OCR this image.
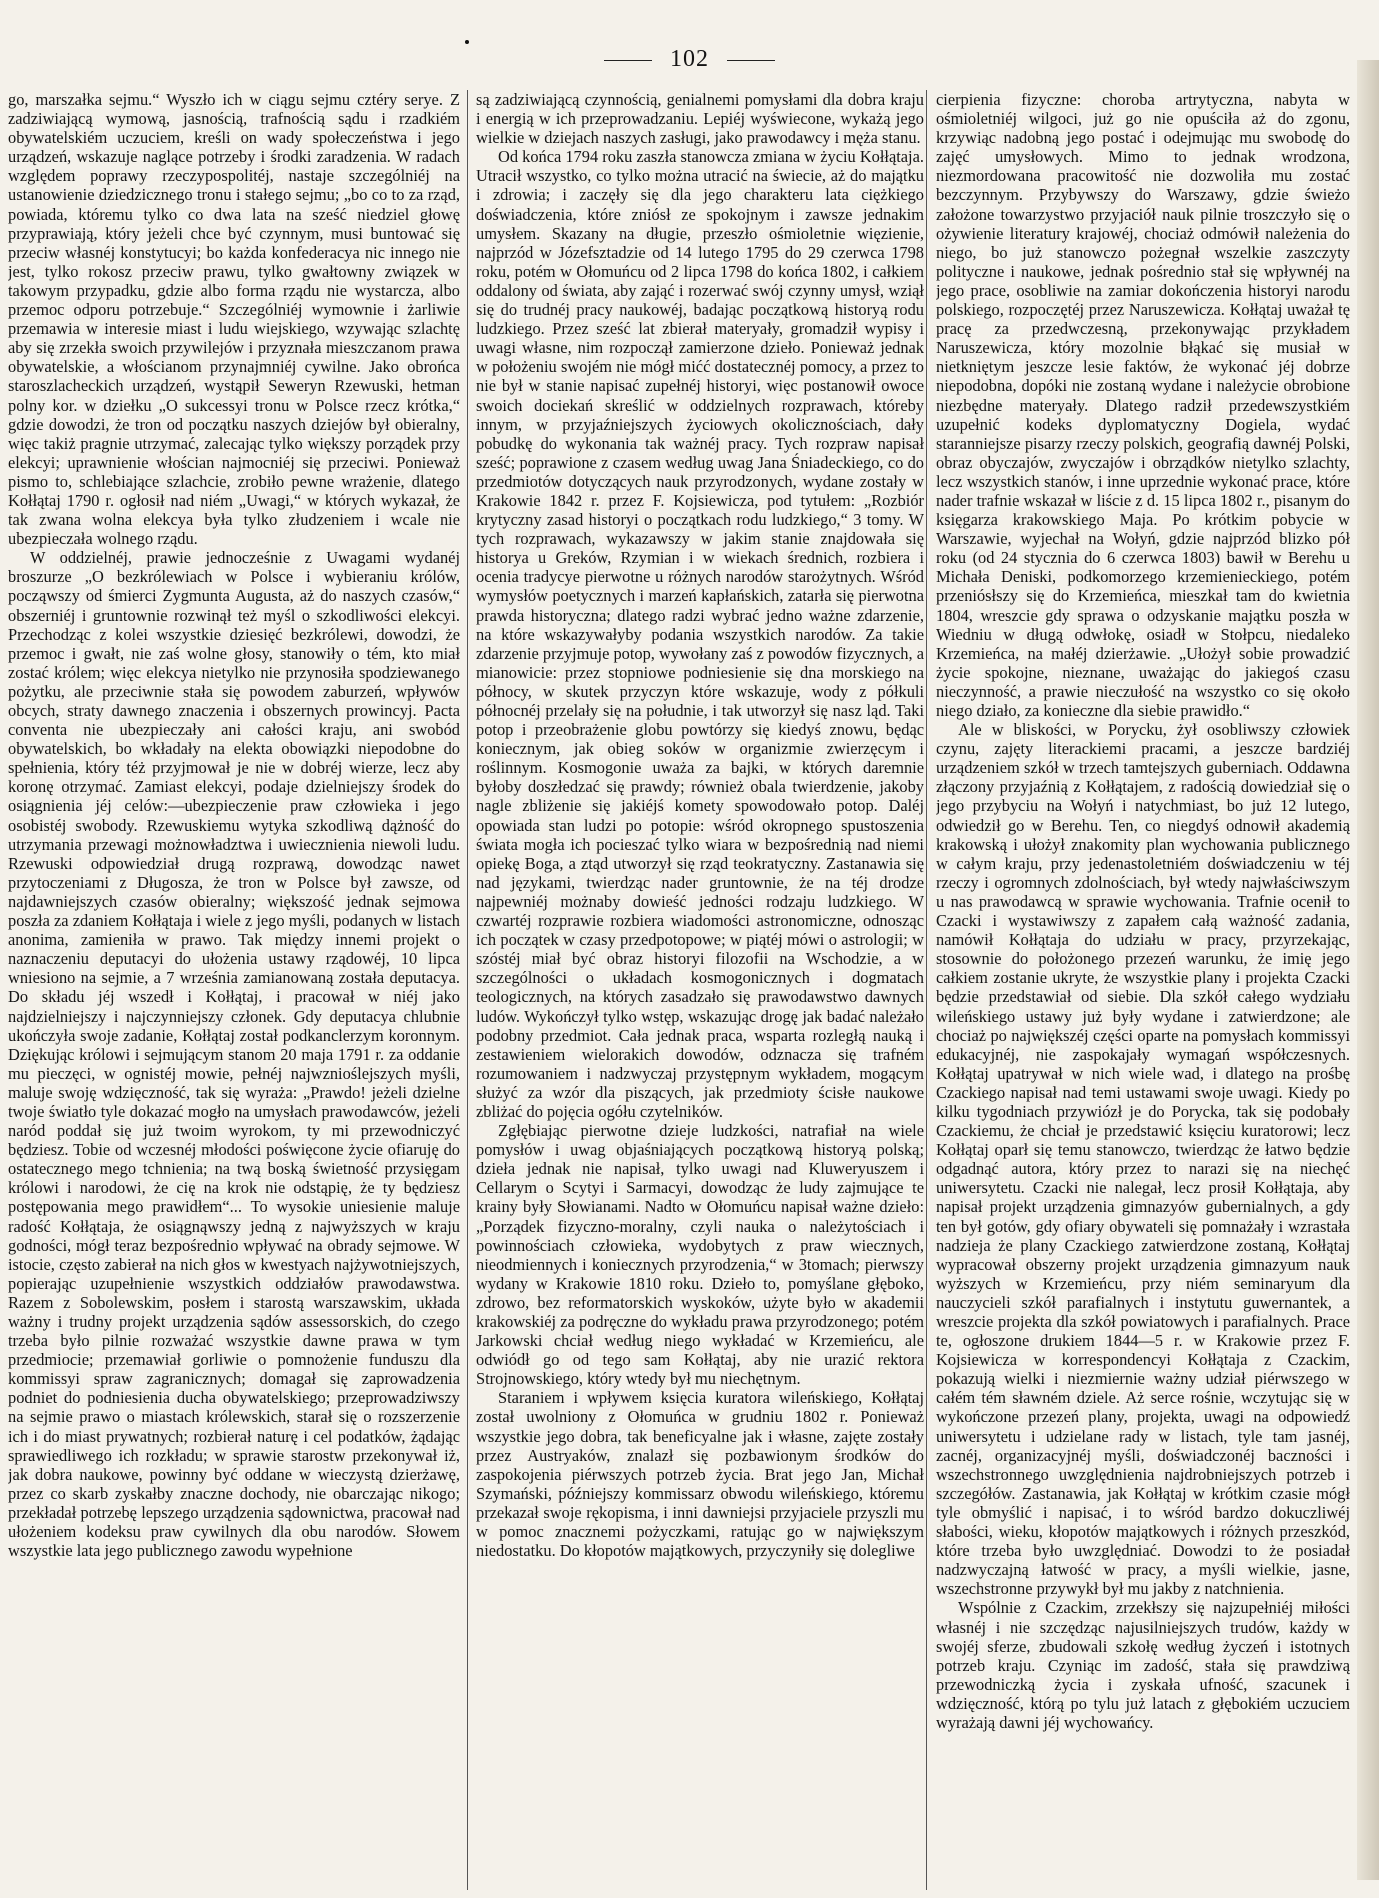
102

go, marszałka sejmu.“ Wyszło ich w ciągu sejmu cztéry serye. Z zadziwiającą wymową, jasnością, trafnością sądu i rzadkiém obywatelskiém uczuciem, kreśli on wady społeczeństwa i jego urządzeń, wskazuje naglące potrzeby i środki zaradzenia. W radach względem poprawy rzeczypospolitéj, nastaje szczególniéj na ustanowienie dziedzicznego tronu i stałego sejmu; „bo co to za rząd, powiada, któremu tylko co dwa lata na sześć niedziel głowę przyprawiają, który jeżeli chce być czynnym, musi buntować się przeciw własnéj konstytucyi; bo każda konfederacya nic innego nie jest, tylko rokosz przeciw prawu, tylko gwałtowny związek w takowym przypadku, gdzie albo forma rządu nie wystarcza, albo przemoc odporu potrzebuje.“ Szczególniéj wymownie i żarliwie przemawia w interesie miast i ludu wiejskiego, wzywając szlachtę aby się zrzekła swoich przywilejów i przyznała mieszczanom prawa obywatelskie, a włościanom przynajmniéj cywilne. Jako obrońca staroszlacheckich urządzeń, wystąpił Seweryn Rzewuski, hetman polny kor. w dziełku „O sukcessyi tronu w Polsce rzecz krótka,“ gdzie dowodzi, że tron od początku naszych dziejów był obieralny, więc takiż pragnie utrzymać, zalecając tylko większy porządek przy elekcyi; uprawnienie włościan najmocniéj się przeciwi. Ponieważ pismo to, schlebiające szlachcie, zrobiło pewne wrażenie, dlatego Kołłątaj 1790 r. ogłosił nad niém „Uwagi,“ w których wykazał, że tak zwana wolna elekcya była tylko złudzeniem i wcale nie ubezpieczała wolnego rządu.

W oddzielnéj, prawie jednocześnie z Uwagami wydanéj broszurze „O bezkrólewiach w Polsce i wybieraniu królów, począwszy od śmierci Zygmunta Augusta, aż do naszych czasów,“ obszerniéj i gruntownie rozwinął też myśl o szkodliwości elekcyi. Przechodząc z kolei wszystkie dziesięć bezkrólewi, dowodzi, że przemoc i gwałt, nie zaś wolne głosy, stanowiły o tém, kto miał zostać królem; więc elekcya nietylko nie przynosiła spodziewanego pożytku, ale przeciwnie stała się powodem zaburzeń, wpływów obcych, straty dawnego znaczenia i obszernych prowincyj. Pacta conventa nie ubezpieczały ani całości kraju, ani swobód obywatelskich, bo wkładały na elekta obowiązki niepodobne do spełnienia, który téż przyjmował je nie w dobréj wierze, lecz aby koronę otrzymać. Zamiast elekcyi, podaje dzielniejszy środek do osiągnienia jéj celów:—ubezpieczenie praw człowieka i jego osobistéj swobody. Rzewuskiemu wytyka szkodliwą dążność do utrzymania przewagi możnowładztwa i uwiecznienia niewoli ludu. Rzewuski odpowiedział drugą rozprawą, dowodząc nawet przytoczeniami z Długosza, że tron w Polsce był zawsze, od najdawniejszych czasów obieralny; większość jednak sejmowa poszła za zdaniem Kołłątaja i wiele z jego myśli, podanych w listach anonima, zamieniła w prawo. Tak między innemi projekt o naznaczeniu deputacyi do ułożenia ustawy rządowéj, 10 lipca wniesiono na sejmie, a 7 września zamianowaną została deputacya. Do składu jéj wszedł i Kołłątaj, i pracował w niéj jako najdzielniejszy i najczynniejszy członek. Gdy deputacya chlubnie ukończyła swoje zadanie, Kołłątaj został podkanclerzym koronnym. Dziękując królowi i sejmującym stanom 20 maja 1791 r. za oddanie mu pieczęci, w ognistéj mowie, pełnéj najwznioślejszych myśli, maluje swoję wdzięczność, tak się wyraża: „Prawdo! jeżeli dzielne twoje światło tyle dokazać mogło na umysłach prawodawców, jeżeli naród poddał się już twoim wyrokom, ty mi przewodniczyć będziesz. Tobie od wczesnéj młodości poświęcone życie ofiaruję do ostatecznego mego tchnienia; na twą boską świetność przysięgam królowi i narodowi, że cię na krok nie odstąpię, że ty będziesz postępowania mego prawidłem“... To wysokie uniesienie maluje radość Kołłątaja, że osiągnąwszy jedną z najwyższych w kraju godności, mógł teraz bezpośrednio wpływać na obrady sejmowe. W istocie, często zabierał na nich głos w kwestyach najżywotniejszych, popierając uzupełnienie wszystkich oddziałów prawodawstwa. Razem z Sobolewskim, posłem i starostą warszawskim, układa ważny i trudny projekt urządzenia sądów assessorskich, do czego trzeba było pilnie rozważać wszystkie dawne prawa w tym przedmiocie; przemawiał gorliwie o pomnożenie funduszu dla kommissyi spraw zagranicznych; domagał się zaprowadzenia podniet do podniesienia ducha obywatelskiego; przeprowadziwszy na sejmie prawo o miastach królewskich, starał się o rozszerzenie ich i do miast prywatnych; rozbierał naturę i cel podatków, żądając sprawiedliwego ich rozkładu; w sprawie starostw przekonywał iż, jak dobra naukowe, powinny być oddane w wieczystą dzierżawę, przez co skarb zyskałby znaczne dochody, nie obarczając nikogo; przekładał potrzebę lepszego urządzenia sądownictwa, pracował nad ułożeniem kodeksu praw cywilnych dla obu narodów. Słowem wszystkie lata jego publicznego zawodu wypełnione

są zadziwiającą czynnością, genialnemi pomysłami dla dobra kraju i energią w ich przeprowadzaniu. Lepiéj wyświecone, wykażą jego wielkie w dziejach naszych zasługi, jako prawodawcy i męża stanu.

Od końca 1794 roku zaszła stanowcza zmiana w życiu Kołłątaja. Utracił wszystko, co tylko można utracić na świecie, aż do majątku i zdrowia; i zaczęły się dla jego charakteru lata ciężkiego doświadczenia, które zniósł ze spokojnym i zawsze jednakim umysłem. Skazany na długie, przeszło ośmioletnie więzienie, najprzód w Józefsztadzie od 14 lutego 1795 do 29 czerwca 1798 roku, potém w Ołomuńcu od 2 lipca 1798 do końca 1802, i całkiem oddalony od świata, aby zająć i rozerwać swój czynny umysł, wziął się do trudnéj pracy naukowéj, badając początkową historyą rodu ludzkiego. Przez sześć lat zbierał materyały, gromadził wypisy i uwagi własne, nim rozpoczął zamierzone dzieło. Ponieważ jednak w położeniu swojém nie mógł mićć dostatecznéj pomocy, a przez to nie był w stanie napisać zupełnéj historyi, więc postanowił owoce swoich dociekań skreślić w oddzielnych rozprawach, któreby innym, w przyjaźniejszych życiowych okolicznościach, dały pobudkę do wykonania tak ważnéj pracy. Tych rozpraw napisał sześć; poprawione z czasem według uwag Jana Śniadeckiego, co do przedmiotów dotyczących nauk przyrodzonych, wydane zostały w Krakowie 1842 r. przez F. Kojsiewicza, pod tytułem: „Rozbiór krytyczny zasad historyi o początkach rodu ludzkiego,“ 3 tomy. W tych rozprawach, wykazawszy w jakim stanie znajdowała się historya u Greków, Rzymian i w wiekach średnich, rozbiera i ocenia tradycye pierwotne u różnych narodów starożytnych. Wśród wymysłów poetycznych i marzeń kapłańskich, zatarła się pierwotna prawda historyczna; dlatego radzi wybrać jedno ważne zdarzenie, na które wskazywałyby podania wszystkich narodów. Za takie zdarzenie przyjmuje potop, wywołany zaś z powodów fizycznych, a mianowicie: przez stopniowe podniesienie się dna morskiego na północy, w skutek przyczyn które wskazuje, wody z półkuli północnéj przelały się na południe, i tak utworzył się nasz ląd. Taki potop i przeobrażenie globu powtórzy się kiedyś znowu, będąc koniecznym, jak obieg soków w organizmie zwierzęcym i roślinnym. Kosmogonie uważa za bajki, w których daremnie byłoby doszłedzać się prawdy; również obala twierdzenie, jakoby nagle zbliżenie się jakiéjś komety spowodowało potop. Daléj opowiada stan ludzi po potopie: wśród okropnego spustoszenia świata mogła ich pocieszać tylko wiara w bezpośrednią nad niemi opiekę Boga, a ztąd utworzył się rząd teokratyczny. Zastanawia się nad językami, twierdząc nader gruntownie, że na téj drodze najpewniéj możnaby dowieść jedności rodzaju ludzkiego. W czwartéj rozprawie rozbiera wiadomości astronomiczne, odnosząc ich początek w czasy przedpotopowe; w piątéj mówi o astrologii; w szóstéj miał być obraz historyi filozofii na Wschodzie, a w szczególności o układach kosmogonicznych i dogmatach teologicznych, na których zasadzało się prawodawstwo dawnych ludów. Wykończył tylko wstęp, wskazując drogę jak badać należało podobny przedmiot. Cała jednak praca, wsparta rozległą nauką i zestawieniem wielorakich dowodów, odznacza się trafném rozumowaniem i nadzwyczaj przystępnym wykładem, mogącym służyć za wzór dla piszących, jak przedmioty ścisłe naukowe zbliżać do pojęcia ogółu czytelników.

Zgłębiając pierwotne dzieje ludzkości, natrafiał na wiele pomysłów i uwag objaśniających początkową historyą polską; dzieła jednak nie napisał, tylko uwagi nad Kluweryuszem i Cellarym o Scytyi i Sarmacyi, dowodząc że ludy zajmujące te krainy były Słowianami. Nadto w Ołomuńcu napisał ważne dzieło: „Porządek fizyczno-moralny, czyli nauka o należytościach i powinnościach człowieka, wydobytych z praw wiecznych, nieodmiennych i koniecznych przyrodzenia,“ w 3tomach; pierwszy wydany w Krakowie 1810 roku. Dzieło to, pomyślane głęboko, zdrowo, bez reformatorskich wyskoków, użyte było w akademii krakowskiéj za podręczne do wykładu prawa przyrodzonego; potém Jarkowski chciał według niego wykładać w Krzemieńcu, ale odwiódł go od tego sam Kołłątaj, aby nie urazić rektora Strojnowskiego, który wtedy był mu niechętnym.

Staraniem i wpływem księcia kuratora wileńskiego, Kołłątaj został uwolniony z Ołomuńca w grudniu 1802 r. Ponieważ wszystkie jego dobra, tak beneficyalne jak i własne, zajęte zostały przez Austryaków, znalazł się pozbawionym środków do zaspokojenia piérwszych potrzeb życia. Brat jego Jan, Michał Szymański, późniejszy kommissarz obwodu wileńskiego, któremu przekazał swoje rękopisma, i inni dawniejsi przyjaciele przyszli mu w pomoc znacznemi pożyczkami, ratując go w największym niedostatku. Do kłopotów majątkowych, przyczyniły się dolegliwe

cierpienia fizyczne: choroba artrytyczna, nabyta w ośmioletniéj wilgoci, już go nie opuściła aż do zgonu, krzywiąc nadobną jego postać i odejmując mu swobodę do zajęć umysłowych. Mimo to jednak wrodzona, niezmordowana pracowitość nie dozwoliła mu zostać bezczynnym. Przybywszy do Warszawy, gdzie świeżo założone towarzystwo przyjaciół nauk pilnie troszczyło się o ożywienie literatury krajowéj, chociaż odmówił należenia do niego, bo już stanowczo pożegnał wszelkie zaszczyty polityczne i naukowe, jednak pośrednio stał się wpływnéj na jego prace, osobliwie na zamiar dokończenia historyi narodu polskiego, rozpoczętéj przez Naruszewicza. Kołłątaj uważał tę pracę za przedwczesną, przekonywając przykładem Naruszewicza, który mozolnie błąkać się musiał w nietkniętym jeszcze lesie faktów, że wykonać jéj dobrze niepodobna, dopóki nie zostaną wydane i należycie obrobione niezbędne materyały. Dlatego radził przedewszystkiém uzupełnić kodeks dyplomatyczny Dogiela, wydać staranniejsze pisarzy rzeczy polskich, geografią dawnéj Polski, obraz obyczajów, zwyczajów i obrządków nietylko szlachty, lecz wszystkich stanów, i inne uprzednie wykonać prace, które nader trafnie wskazał w liście z d. 15 lipca 1802 r., pisanym do księgarza krakowskiego Maja. Po krótkim pobycie w Warszawie, wyjechał na Wołyń, gdzie najprzód blizko pół roku (od 24 stycznia do 6 czerwca 1803) bawił w Berehu u Michała Deniski, podkomorzego krzemienieckiego, potém przeniósłszy się do Krzemieńca, mieszkał tam do kwietnia 1804, wreszcie gdy sprawa o odzyskanie majątku poszła w Wiedniu w długą odwłokę, osiadł w Stołpcu, niedaleko Krzemieńca, na małéj dzierżawie. „Ułożył sobie prowadzić życie spokojne, nieznane, uważając do jakiegoś czasu nieczynność, a prawie nieczułość na wszystko co się około niego działo, za konieczne dla siebie prawidło.“

Ale w bliskości, w Porycku, żył osobliwszy człowiek czynu, zajęty literackiemi pracami, a jeszcze bardziéj urządzeniem szkół w trzech tamtejszych guberniach. Oddawna złączony przyjaźnią z Kołłątajem, z radością dowiedział się o jego przybyciu na Wołyń i natychmiast, bo już 12 lutego, odwiedził go w Berehu. Ten, co niegdyś odnowił akademią krakowską i ułożył znakomity plan wychowania publicznego w całym kraju, przy jedenastoletniém doświadczeniu w téj rzeczy i ogromnych zdolnościach, był wtedy najwłaściwszym u nas prawodawcą w sprawie wychowania. Trafnie ocenił to Czacki i wystawiwszy z zapałem całą ważność zadania, namówił Kołłątaja do udziału w pracy, przyrzekając, stosownie do położonego przezeń warunku, że imię jego całkiem zostanie ukryte, że wszystkie plany i projekta Czacki będzie przedstawiał od siebie. Dla szkół całego wydziału wileńskiego ustawy już były wydane i zatwierdzone; ale chociaż po największéj części oparte na pomysłach kommissyi edukacyjnéj, nie zaspokajały wymagań współczesnych. Kołłątaj upatrywał w nich wiele wad, i dlatego na prośbę Czackiego napisał nad temi ustawami swoje uwagi. Kiedy po kilku tygodniach przywiózł je do Porycka, tak się podobały Czackiemu, że chciał je przedstawić księciu kuratorowi; lecz Kołłątaj oparł się temu stanowczo, twierdząc że łatwo będzie odgadnąć autora, który przez to narazi się na niechęć uniwersytetu. Czacki nie nalegał, lecz prosił Kołłątaja, aby napisał projekt urządzenia gimnazyów gubernialnych, a gdy ten był gotów, gdy ofiary obywateli się pomnażały i wzrastała nadzieja że plany Czackiego zatwierdzone zostaną, Kołłątaj wypracował obszerny projekt urządzenia gimnazyum nauk wyższych w Krzemieńcu, przy niém seminaryum dla nauczycieli szkół parafialnych i instytutu guwernantek, a wreszcie projekta dla szkół powiatowych i parafialnych. Prace te, ogłoszone drukiem 1844—5 r. w Krakowie przez F. Kojsiewicza w korrespondencyi Kołłątaja z Czackim, pokazują wielki i niezmiernie ważny udział piérwszego w całém tém sławném dziele. Aż serce rośnie, wczytując się w wykończone przezeń plany, projekta, uwagi na odpowiedź uniwersytetu i udzielane rady w listach, tyle tam jasnéj, zacnéj, organizacyjnéj myśli, doświadczonéj baczności i wszechstronnego uwzględnienia najdrobniejszych potrzeb i szczegółów. Zastanawia, jak Kołłątaj w krótkim czasie mógł tyle obmyślić i napisać, i to wśród bardzo dokuczliwéj słabości, wieku, kłopotów majątkowych i różnych przeszkód, które trzeba było uwzględniać. Dowodzi to że posiadał nadzwyczajną łatwość w pracy, a myśli wielkie, jasne, wszechstronne przywykł był mu jakby z natchnienia.

Wspólnie z Czackim, zrzekłszy się najzupełniéj miłości własnéj i nie szczędząc najusilniejszych trudów, każdy w swojéj sferze, zbudowali szkołę według życzeń i istotnych potrzeb kraju. Czyniąc im zadość, stała się prawdziwą przewodniczką życia i zyskała ufność, szacunek i wdzięczność, którą po tylu już latach z głębokiém uczuciem wyrażają dawni jéj wychowańcy.
